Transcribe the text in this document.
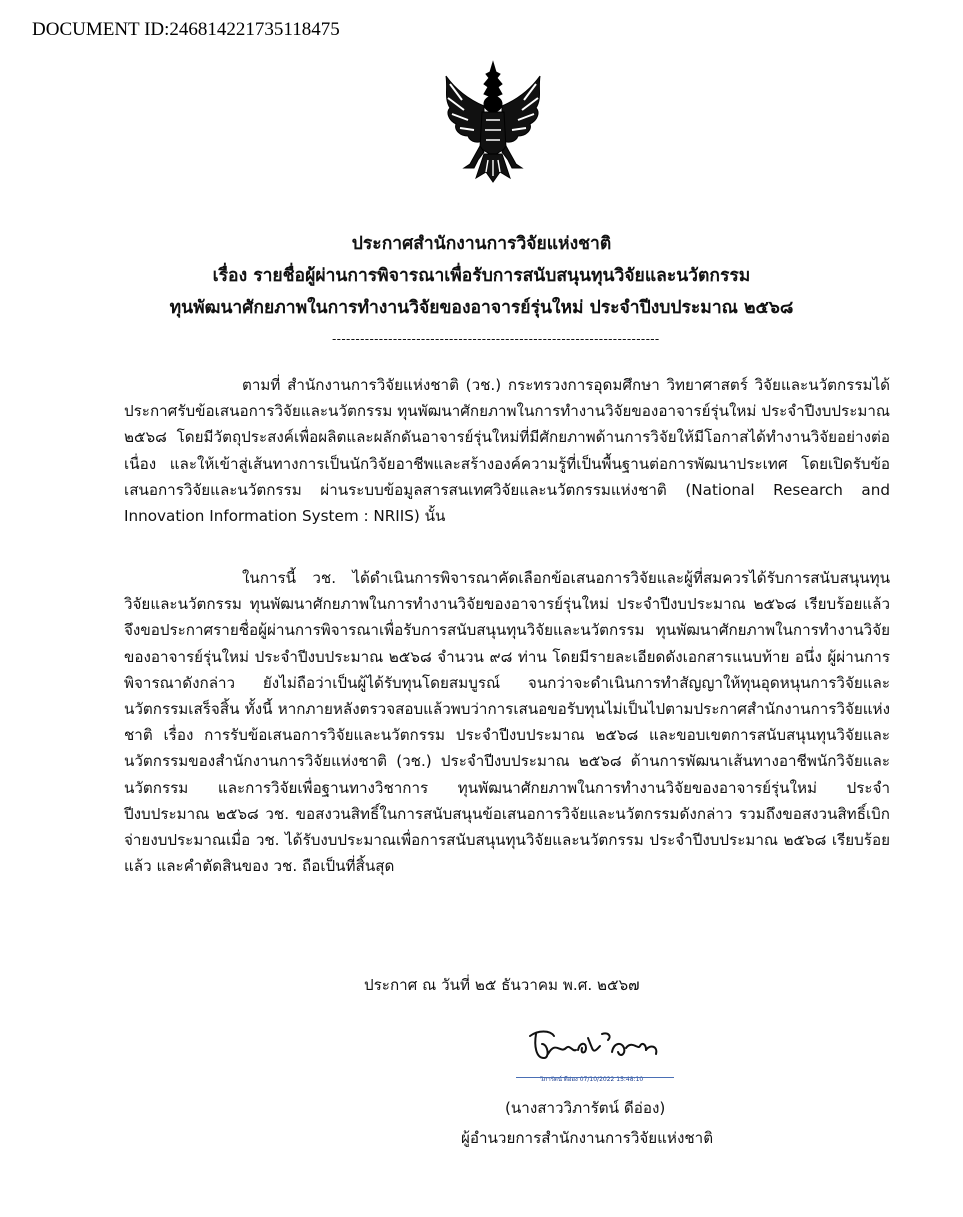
DOCUMENT ID:246814221735118475
ประกาศสำนักงานการวิจัยแห่งชาติ
เรื่อง รายชื่อผู้ผ่านการพิจารณาเพื่อรับการสนับสนุนทุนวิจัยและนวัตกรรม
ทุนพัฒนาศักยภาพในการทำงานวิจัยของอาจารย์รุ่นใหม่ ประจำปีงบประมาณ ๒๕๖๘
----------------------------------------------------------------------

ตามที่ สำนักงานการวิจัยแห่งชาติ (วช.) กระทรวงการอุดมศึกษา วิทยาศาสตร์ วิจัยและนวัตกรรมได้ประกาศรับข้อเสนอการวิจัยและนวัตกรรม ทุนพัฒนาศักยภาพในการทำงานวิจัยของอาจารย์รุ่นใหม่ ประจำปีงบประมาณ ๒๕๖๘ โดยมีวัตถุประสงค์เพื่อผลิตและผลักดันอาจารย์รุ่นใหม่ที่มีศักยภาพด้านการวิจัยให้มีโอกาสได้ทำงานวิจัยอย่างต่อเนื่อง และให้เข้าสู่เส้นทางการเป็นนักวิจัยอาชีพและสร้างองค์ความรู้ที่เป็นพื้นฐานต่อการพัฒนาประเทศ โดยเปิดรับข้อเสนอการวิจัยและนวัตกรรม ผ่านระบบข้อมูลสารสนเทศวิจัยและนวัตกรรมแห่งชาติ (National Research and Innovation Information System : NRIIS) นั้น

ในการนี้ วช. ได้ดำเนินการพิจารณาคัดเลือกข้อเสนอการวิจัยและผู้ที่สมควรได้รับการสนับสนุนทุนวิจัยและนวัตกรรม ทุนพัฒนาศักยภาพในการทำงานวิจัยของอาจารย์รุ่นใหม่ ประจำปีงบประมาณ ๒๕๖๘ เรียบร้อยแล้ว จึงขอประกาศรายชื่อผู้ผ่านการพิจารณาเพื่อรับการสนับสนุนทุนวิจัยและนวัตกรรม ทุนพัฒนาศักยภาพในการทำงานวิจัยของอาจารย์รุ่นใหม่ ประจำปีงบประมาณ ๒๕๖๘ จำนวน ๙๘ ท่าน โดยมีรายละเอียดดังเอกสารแนบท้าย อนึ่ง ผู้ผ่านการพิจารณาดังกล่าว ยังไม่ถือว่าเป็นผู้ได้รับทุนโดยสมบูรณ์ จนกว่าจะดำเนินการทำสัญญาให้ทุนอุดหนุนการวิจัยและนวัตกรรมเสร็จสิ้น ทั้งนี้ หากภายหลังตรวจสอบแล้วพบว่าการเสนอขอรับทุนไม่เป็นไปตามประกาศสำนักงานการวิจัยแห่งชาติ เรื่อง การรับข้อเสนอการวิจัยและนวัตกรรม ประจำปีงบประมาณ ๒๕๖๘ และขอบเขตการสนับสนุนทุนวิจัยและนวัตกรรมของสำนักงานการวิจัยแห่งชาติ (วช.) ประจำปีงบประมาณ ๒๕๖๘ ด้านการพัฒนาเส้นทางอาชีพนักวิจัยและนวัตกรรม และการวิจัยเพื่อฐานทางวิชาการ ทุนพัฒนาศักยภาพในการทำงานวิจัยของอาจารย์รุ่นใหม่ ประจำปีงบประมาณ ๒๕๖๘ วช. ขอสงวนสิทธิ์ในการสนับสนุนข้อเสนอการวิจัยและนวัตกรรมดังกล่าว รวมถึงขอสงวนสิทธิ์เบิกจ่ายงบประมาณเมื่อ วช. ได้รับงบประมาณเพื่อการสนับสนุนทุนวิจัยและนวัตกรรม ประจำปีงบประมาณ ๒๕๖๘ เรียบร้อยแล้ว และคำตัดสินของ วช. ถือเป็นที่สิ้นสุด

ประกาศ ณ วันที่ ๒๕ ธันวาคม พ.ศ. ๒๕๖๗
วิภารัตน์ ดีอ่อง 07/10/2022 15:48:10
(นางสาววิภารัตน์ ดีอ่อง)
ผู้อำนวยการสำนักงานการวิจัยแห่งชาติ
